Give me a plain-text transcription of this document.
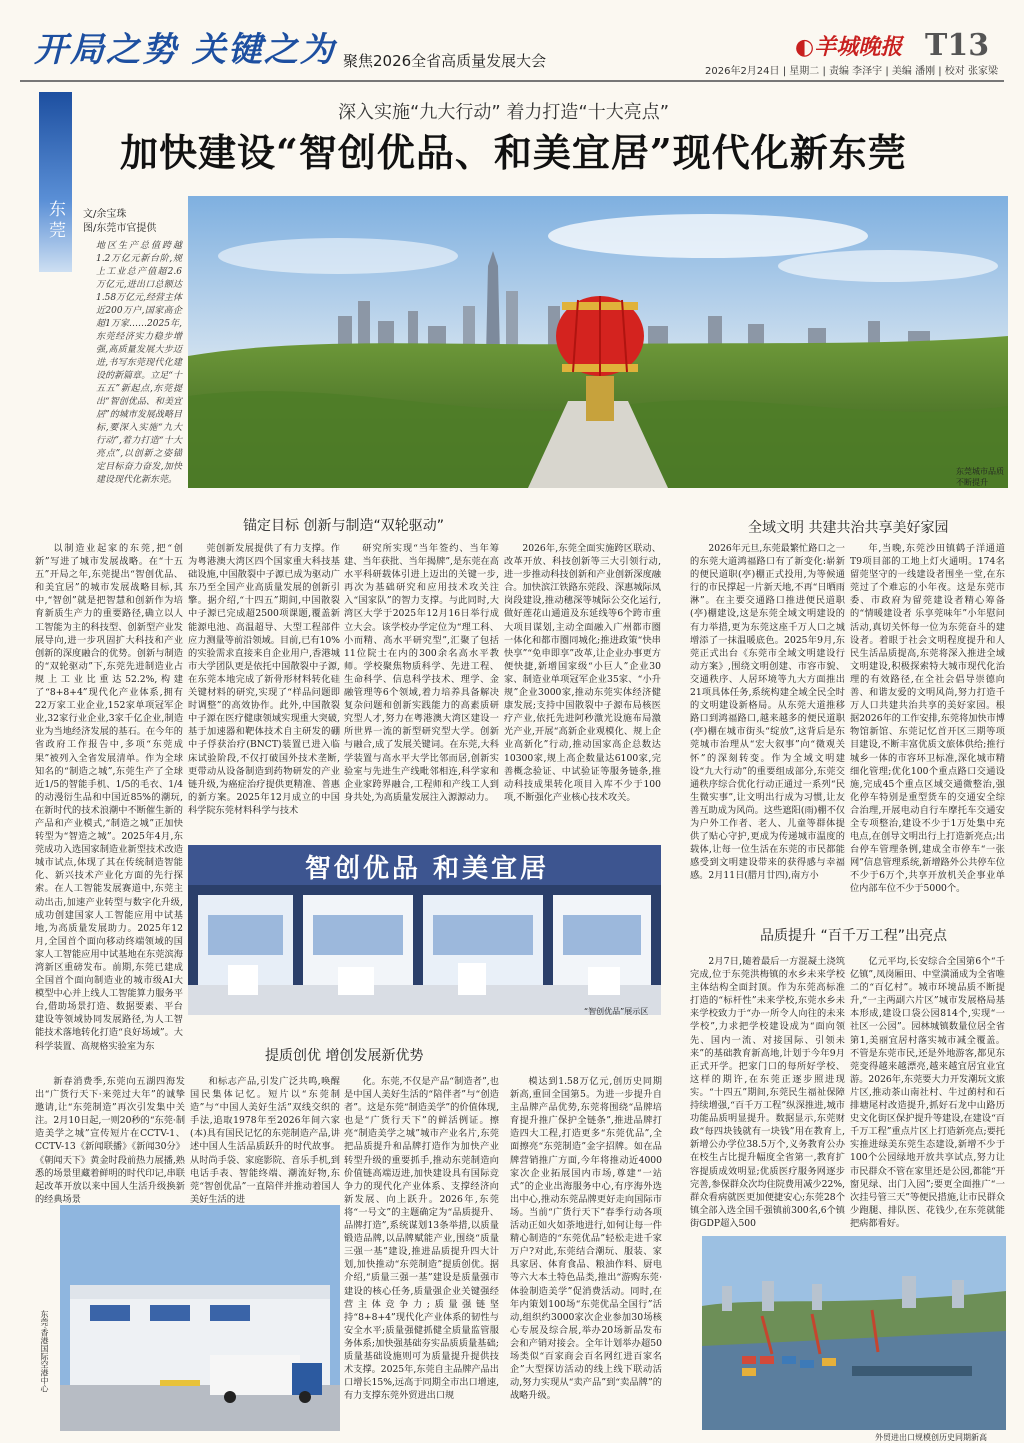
开局之势 关键之为 聚焦2026全省高质量发展大会
◐羊城晚报 T13
2026年2月24日 | 星期二 | 责编 李泽宇 | 美编 潘刚 | 校对 张家梁
东莞
深入实施“九大行动” 着力打造“十大亮点”
加快建设“智创优品、和美宜居”现代化新东莞
文/余宝珠
图/东莞市官提供
地区生产总值跨越1.2万亿元新台阶,规上工业总产值超2.6万亿元,进出口总额达1.58万亿元,经营主体近200万户,国家高企超1万家……2025年,东莞经济实力稳步增强,高质量发展大步迈进,书写东莞现代化建设的新篇章。立足“十五五”新起点,东莞提出“智创优品、和美宜居”的城市发展战略目标,要深入实施“九大行动”,着力打造“十大亮点”,以创新之姿锚定目标奋力奋发,加快建设现代化新东莞。
东莞城市品质不断提升
锚定目标 创新与制造“双轮驱动”	全域文明 共建共治共享美好家园

以制造业起家的东莞,把“创新”写进了城市发展战略。在“十五五”开局之年,东莞提出“智创优品、和美宜居”的城市发展战略目标,其中,“智创”就是把智慧和创新作为培育新质生产力的重要路径,确立以人工智能为主的科技型、创新型产业发展导向,进一步巩固扩大科技和产业创新的深度融合的优势。创新与制造的“双轮驱动”下,东莞先进制造业占规上工业比重达52.2%,构建了“8+8+4”现代化产业体系,拥有22万家工业企业,152家单项冠军企业,32家行业企业,3家千亿企业,制造业为当地经济发展的基石。在今年的省政府工作报告中,多项“东莞成果”被列入全省发展清单。作为全球知名的“制造之城”,东莞生产了全球近1/5的智能手机、1/5的毛衣、1/4的动漫衍生品和中国近85%的潮玩,在新时代的技术浪潮中不断催生新的产品和产业模式,“制造之城”正加快转型为“智造之城”。2025年4月,东莞成功入选国家制造业新型技术改造城市试点,体现了其在传统制造智能化、新兴技术产业化方面的先行探索。在人工智能发展赛道中,东莞主动出击,加速产业转型与数字化升级,成功创建国家人工智能应用中试基地,为高质量发展助力。2025年12月,全国首个面向移动终端领域的国家人工智能应用中试基地在东莞滨海湾新区重磅发布。前期,东莞已建成全国首个面向制造业的城市级AI大模型中心并上线人工智能算力服务平台,借助场景打造、数据要素、平台建设等领域协同发展路径,为人工智能技术落地转化打造“良好场域”。大科学装置、高规格实验室为东

莞创新发展提供了有力支撑。作为粤港澳大湾区四个国家重大科技基础设施,中国散裂中子源已成为驱动广东乃至全国产业高质量发展的创新引擎。据介绍,“十四五”期间,中国散裂中子源已完成超2500项课题,覆盖新能源电池、高温超导、大型工程部件应力测量等前沿领域。目前,已有10%的实验需求直接来自企业用户,香港城市大学团队更是依托中国散裂中子源,在东莞本地完成了新骨形材料转化硅关键材料的研究,实现了“样品问题即时调整”的高效协作。此外,中国散裂中子源在医疗健康领域实现重大突破,基于加速器和靶体技术自主研发的硼中子俘获治疗(BNCT)装置已进入临床试验阶段,不仅打破国外技术垄断,更带动从设备制造到药物研发的产业链升级,为癌症治疗提供更精准、普惠的新方案。2025年12月成立的中国科学院东莞材料科学与技术

研究所实现“当年签约、当年筹建、当年获批、当年揭牌”,是东莞在高水平科研载体引进上迈出的关键一步,再次为基础研究和应用技术攻关注入“国家队”的智力支撑。与此同时,大湾区大学于2025年12月16日举行成立大会。该学校办学定位为“理工科、小而精、高水平研究型”,汇聚了包括11位院士在内的300余名高水平教师。学校聚焦物质科学、先进工程、生命科学、信息科学技术、理学、金融管理等6个领域,着力培养具备解决复杂问题和创新实践能力的高素质研究型人才,努力在粤港澳大湾区建设一所世界一流的新型研究型大学。创新与融合,成了发展关键词。在东莞,大科学装置与高水平大学比邻而居,创新实验室与先进生产线毗邻相连,科学家和企业家跨界融合,工程师和产线工人到身共处,为高质量发展注入源源动力。

2026年,东莞全面实施跨区联动、改革开放、科技创新等三大引领行动,进一步推动科技创新和产业创新深度融合。加快滨江铁路东莞段、深惠城际凤岗段建设,推动穗深等城际公交化运行,做好莲花山通道及东延线等6个跨市重大项目谋划,主动全面融入广州都市圈一体化和都市圈同城化;推进政策“快串快享”“免申即享”改革,让企业办事更方便快捷,新增国家级“小巨人”企业30家、制造业单项冠军企业35家、“小升规”企业3000家,推动东莞实体经济健康发展;支持中国散裂中子源布局核医疗产业,依托先进阿秒激光设施布局激光产业,开展“高新企业观模化、规上企业高新化”行动,推动国家高企总数达10300家,规上高企数量达6100家,完善概念验证、中试验证等服务链条,推动科技成果转化项目入库不少于100项,不断强化产业核心技术攻关。

2026年元旦,东莞最繁忙路口之一的东莞大道鸿福路口有了新变化:崭新的便民道职(亭)棚正式投用,为等候通行的市民撑起一片新天地,不再“日晒雨淋”。在主要交通路口推进便民道职(亭)棚建设,这是东莞全域文明建设的有力举措,更为东莞这座千万人口之城增添了一抹温暖底色。2025年9月,东莞正式出台《东莞市全域文明建设行动方案》,围绕文明创建、市容市貌、交通秩序、人居环境等九大方面推出21项具体任务,系统构建全域全民全时的文明建设新格局。从东莞大道推移路口到鸿福路口,越来越多的便民道职(亭)棚在城市街头“绽放”,这背后是东莞城市治理从“宏大叙事”向“微观关怀”的深刻转变。作为全域文明建设“九大行动”的重要组成部分,东莞交通秩序综合优化行动正通过一系列“民生微实事”,让文明出行成为习惯,让友善互助成为风尚。这些遮阳(雨)棚不仅为户外工作者、老人、儿童等群体提供了贴心守护,更成为传递城市温度的载体,让每一位生活在东莞的市民都能感受到文明建设带来的获得感与幸福感。2月11日(腊月廿四),南方小

年,当晚,东莞沙田镇鹤子洋通道T9项目部的工地上灯火通明。174名留莞坚守的一线建设者围坐一堂,在东莞过了个难忘的小年夜。这是东莞市委、市政府为留莞建设者精心筹备的“情暖建设者 乐享莞味年”小年慰问活动,真切关怀每一位为东莞奋斗的建设者。着眼于社会文明程度提升和人民生活品质提高,东莞将深入推进全域文明建设,积极探索特大城市现代化治理的有效路径,在全社会倡导崇德向善、和谐友爱的文明风尚,努力打造千万人口共建共治共享的美好家园。根据2026年的工作安排,东莞将加快市博物馆新馆、东莞记忆首开区三期等项目建设,不断丰富优质文旅体供给;推行城乡一体的市容环卫标准,深化城市精细化管理;优化100个重点路口交通设施,完成45个重点区域交通微整治,强化停车特别是重型货车的交通安全综合治理,开展电动自行车摩托车交通安全专项整治,建设不少于1万处集中充电点,在创导文明出行上打造新亮点;出台停车管理条例,建成全市停车“一张网”信息管理系统,新增路外公共停车位不少于6万个,共享开放机关企事业单位内部车位不少于5000个。

智创优品 和美宜居
“智创优品”展示区
品质提升 “百千万工程”出亮点

2月7日,随着最后一方混凝土浇筑完成,位于东莞洪梅镇的水乡未来学校主体结构全面封顶。作为东莞高标准打造的“标杆性”未来学校,东莞水乡未来学校致力于“办一所令人向往的未来学校”,力求把学校建设成为“面向领先、国内一流、对接国际、引领未来”的基础教育新高地,计划于今年9月正式开学。把家门口的每所好学校、这样的期许,在东莞正逐步照进现实。“十四五”期间,东莞民生福祉保障持续增强,“百千万工程”纵深推进,城市功能品质明显提升。数据显示,东莞财政“每四块钱就有一块钱”用在教育上,新增公办学位38.5万个,义务教育公办在校生占比提升幅度全省第一,教育扩容提质成效明显;优质医疗服务网逐步完善,参保群众次均住院费用减少22%,群众看病就医更加便捷安心;东莞28个镇全部入选全国千强镇前300名,6个镇街GDP超入500

亿元平均,长安综合全国第6个“千亿镇”,凤岗厢田、中堂潢涌成为全省唯二的“百亿村”。城市环境品质不断提升,“一主两副六片区”城市发展格局基本形成,建设口袋公园814个,实现“一社区一公园”。园林城镇数量位居全省第1,美丽宜居村落实城市减全覆盖。不管是东莞市民,还是外地游客,都见东莞变得越来越漂亮,越来越宜居宜业宜游。2026年,东莞要大力开发潮玩文旅片区,推动茶山南社村、牛过蓢村和石排塘尾村改造提升,抓好石龙中山路历史文化街区保护提升等建设,在建设“百千万工程”重点片区上打造新亮点;要托实推进绿美东莞生态建设,新增不少于100个公园绿地开放共享试点,努力让市民群众不管在家里还是公园,都能“开窗见绿、出门入园”;要更全面推广“一次挂号管三天”等便民措施,让市民群众少跑腿、排队医、花钱少,在东莞就能把病都看好。

提质创优 增创发展新优势

新春消费季,东莞向五湖四海发出“广货行天下·来莞过大年”的诚挚邀请,让“东莞制造”再次引发集中关注。2月10日起,一则20秒的“东莞·制造美学之城”宣传短片在CCTV-1、CCTV-13《新闻联播》《新闻30分》《朝闻天下》黄金时段前热力展播,熟悉的场景里藏着鲜明的时代印记,串联起改革开放以来中国人生活升级换新的经典场景

和标志产品,引发广泛共鸣,唤醒国民集体记忆。短片以“东莞制造”与“中国人美好生活”双线交织的手法,追取1978年至2026年间六家(本)具有国民记忆的东莞制造产品,讲述中国人生活品质跃升的时代故事。从时尚手袋、家庭影院、音乐手机,到电话手表、智能终端、潮流好物,东莞“智创优品”一直陪伴并推动着国人美好生活的进

化。东莞,不仅是产品“制造者”,也是中国人美好生活的“陪伴者”与“创造者”。这是东莞“制造美学”的价值体现,也是“广货行天下”的鲜活例证。擦亮“制造美学之城”城市产业名片,东莞把品质提升和品牌打造作为加快产业转型升级的重要抓手,推动东莞制造向价值链高端迈进,加快建设具有国际竞争力的现代化产业体系、支撑经济向新发展、向上跃升。2026年,东莞将“一号文”的主题确定为“品质提升、品牌打造”,系统谋划13条举措,以质量锻造品牌,以品牌赋能产业,围绕“质量三强一基”建设,推进品质提升四大计划,加快推动“东莞制造”提质创优。据介绍,“质量三强一基”建设是质量强市建设的核心任务,质量强企业关键强经营主体竞争力;质量强链坚持“8+8+4”现代化产业体系的韧性与安全水平;质量强健抓健全质量监管服务体系;加快强基础夯实品质质量基础;质量基础设施则可为质量提升提供技术支撑。2025年,东莞自主品牌产品出口增长15%,远高于同期全市出口增速,有力支撑东莞外贸进出口规

模达到1.58万亿元,创历史同期新高,重回全国第5。为进一步提升自主品牌产品优势,东莞将围绕“品牌培育提升推广保护全链条”,推进品牌打造四大工程,打造更多“东莞优品”,全面擦亮“东莞制造”金字招牌。如在品牌营销推广方面,今年将推动近4000家次企业拓展国内市场,尊建“一站式”的企业出海服务中心,有序海外选出中心,推动东莞品牌更好走向国际市场。当前“广货行天下”春季行动各项活动正如火如荼地进行,如何让每一件精心制造的“东莞优品”轻松走进千家万户?对此,东莞结合潮玩、服装、家具家居、体育食品、粮油作料、厨电等六大本土特色品类,推出“游购东莞·体验制造美学”促消费活动。同时,在年内策划100场“东莞优品全国行”活动,组织约3000家次企业参加30场核心专展及综合展,举办20场新品发布会和产销对接会。全年计划举办超50场类似“百家商会百名网红进百家名企”大型探访活动的线上线下联动活动,努力实现从“卖产品”到“卖品牌”的战略升级。

东莞·香港国际空港中心
外贸进出口规模创历史同期新高
